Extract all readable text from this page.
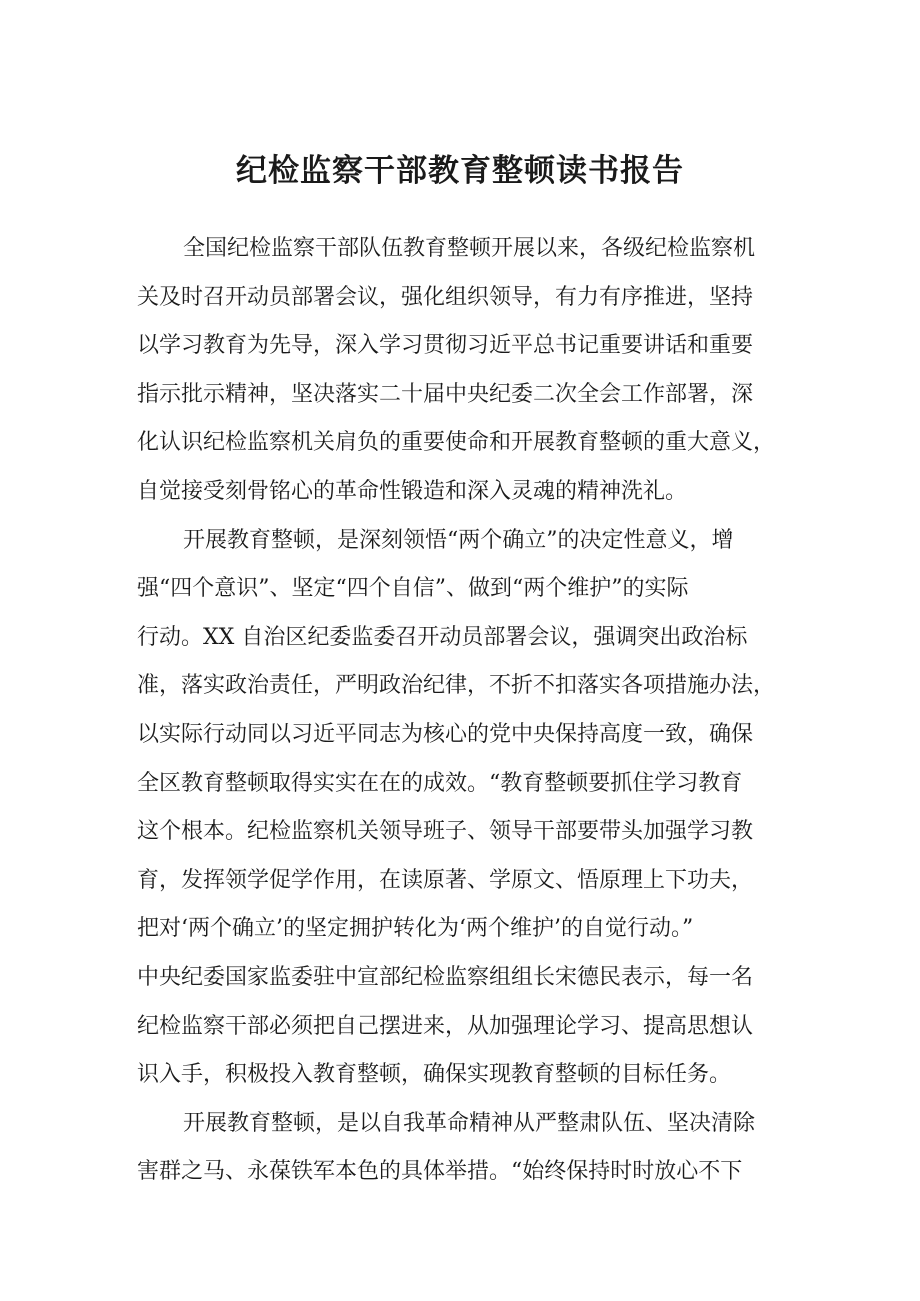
纪检监察干部教育整顿读书报告
全国纪检监察干部队伍教育整顿开展以来，各级纪检监察机
关及时召开动员部署会议，强化组织领导，有力有序推进，坚持
以学习教育为先导，深入学习贯彻习近平总书记重要讲话和重要
指示批示精神，坚决落实二十届中央纪委二次全会工作部署，深
化认识纪检监察机关肩负的重要使命和开展教育整顿的重大意义，
自觉接受刻骨铭心的革命性锻造和深入灵魂的精神洗礼。
开展教育整顿，是深刻领悟“两个确立”的决定性意义，增
强“四个意识”、坚定“四个自信”、做到“两个维护”的实际
行动。XX 自治区纪委监委召开动员部署会议，强调突出政治标
准，落实政治责任，严明政治纪律，不折不扣落实各项措施办法，
以实际行动同以习近平同志为核心的党中央保持高度一致，确保
全区教育整顿取得实实在在的成效。“教育整顿要抓住学习教育
这个根本。纪检监察机关领导班子、领导干部要带头加强学习教
育，发挥领学促学作用，在读原著、学原文、悟原理上下功夫，
把对‘两个确立’的坚定拥护转化为‘两个维护’的自觉行动。”
中央纪委国家监委驻中宣部纪检监察组组长宋德民表示，每一名
纪检监察干部必须把自己摆进来，从加强理论学习、提高思想认
识入手，积极投入教育整顿，确保实现教育整顿的目标任务。
开展教育整顿，是以自我革命精神从严整肃队伍、坚决清除
害群之马、永葆铁军本色的具体举措。“始终保持时时放心不下
